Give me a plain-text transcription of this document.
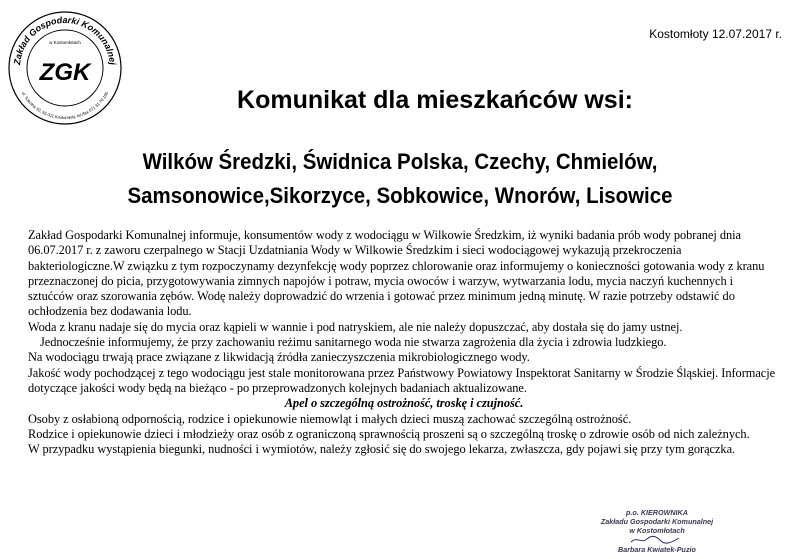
Zakład Gospodarki Komunalnej
ul. Szkolna 10, 55-311 Kostomłoty, tel./fax 071 31 70 105
w Kostomłotach
ZGK
Kostomłoty 12.07.2017 r.
Komunikat dla mieszkańców wsi:
Wilków Średzki, Świdnica Polska, Czechy, Chmielów,
Samsonowice,Sikorzyce, Sobkowice, Wnorów, Lisowice

Zakład Gospodarki Komunalnej informuje, konsumentów wody z wodociągu w Wilkowie Średzkim, iż wyniki badania prób wody pobranej dnia 06.07.2017 r. z zaworu czerpalnego w Stacji Uzdatniania Wody w Wilkowie Średzkim i sieci wodociągowej wykazują przekroczenia bakteriologiczne.W związku z tym rozpoczynamy dezynfekcję wody poprzez chlorowanie oraz informujemy o konieczności gotowania wody z kranu przeznaczonej do picia, przygotowywania zimnych napojów i potraw, mycia owoców i warzyw, wytwarzania lodu, mycia naczyń kuchennych i sztućców oraz szorowania zębów. Wodę należy doprowadzić do wrzenia i gotować przez minimum jedną minutę. W razie potrzeby odstawić do ochłodzenia bez dodawania lodu.

Woda z kranu nadaje się do mycia oraz kąpieli w wannie i pod natryskiem, ale nie należy dopuszczać, aby dostała się do jamy ustnej.

Jednocześnie informujemy, że przy zachowaniu reżimu sanitarnego woda nie stwarza zagrożenia dla życia i zdrowia ludzkiego.

Na wodociągu trwają prace związane z likwidacją źródła zanieczyszczenia mikrobiologicznego wody.

Jakość wody pochodzącej z tego wodociągu jest stale monitorowana przez Państwowy Powiatowy Inspektorat Sanitarny w Środzie Śląskiej. Informacje dotyczące jakości wody będą na bieżąco - po przeprowadzonych kolejnych badaniach aktualizowane.

Apel o szczególną ostrożność, troskę i czujność.

Osoby z osłabioną odpornością, rodzice i opiekunowie niemowląt i małych dzieci muszą zachować szczególną ostrożność.

Rodzice i opiekunowie dzieci i młodzieży oraz osób z ograniczoną sprawnością proszeni są o szczególną troskę o zdrowie osób od nich zależnych.

W przypadku wystąpienia biegunki, nudności i wymiotów, należy zgłosić się do swojego lekarza, zwłaszcza, gdy pojawi się przy tym gorączka.

p.o. KIEROWNIKA
Zakładu Gospodarki Komunalnej
w Kostomłotach
Barbara Kwiatek-Puzio
